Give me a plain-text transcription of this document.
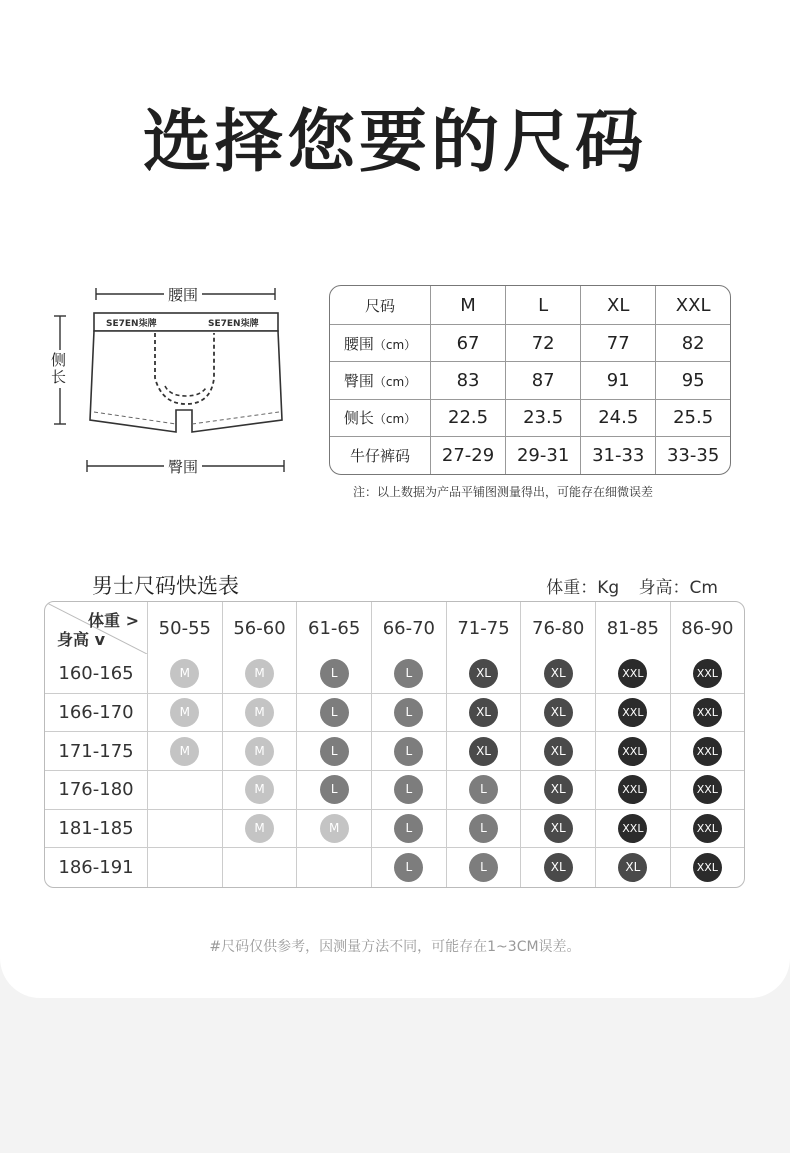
选择您要的尺码
腰围
臀围
侧长
SE7EN柒牌	SE7EN柒牌
尺码	M	L	XL	XXL
腰围（cm）	67	72	77	82
臀围（cm）	83	87	91	95
侧长（cm）	22.5	23.5	24.5	25.5
牛仔裤码	27-29	29-31	31-33	33-35
注：以上数据为产品平铺图测量得出，可能存在细微误差
男士尺码快选表	体重：Kg 身高：Cm
体重 >
身高 v	50-55	56-60	61-65	66-70	71-75	76-80	81-85	86-90
160-165	M	M	L	L	XL	XL	XXL	XXL
166-170	M	M	L	L	XL	XL	XXL	XXL
171-175	M	M	L	L	XL	XL	XXL	XXL
176-180		M	L	L	L	XL	XXL	XXL
181-185		M	M	L	L	XL	XXL	XXL
186-191				L	L	XL	XL	XXL
#尺码仅供参考，因测量方法不同，可能存在1~3CM误差。
